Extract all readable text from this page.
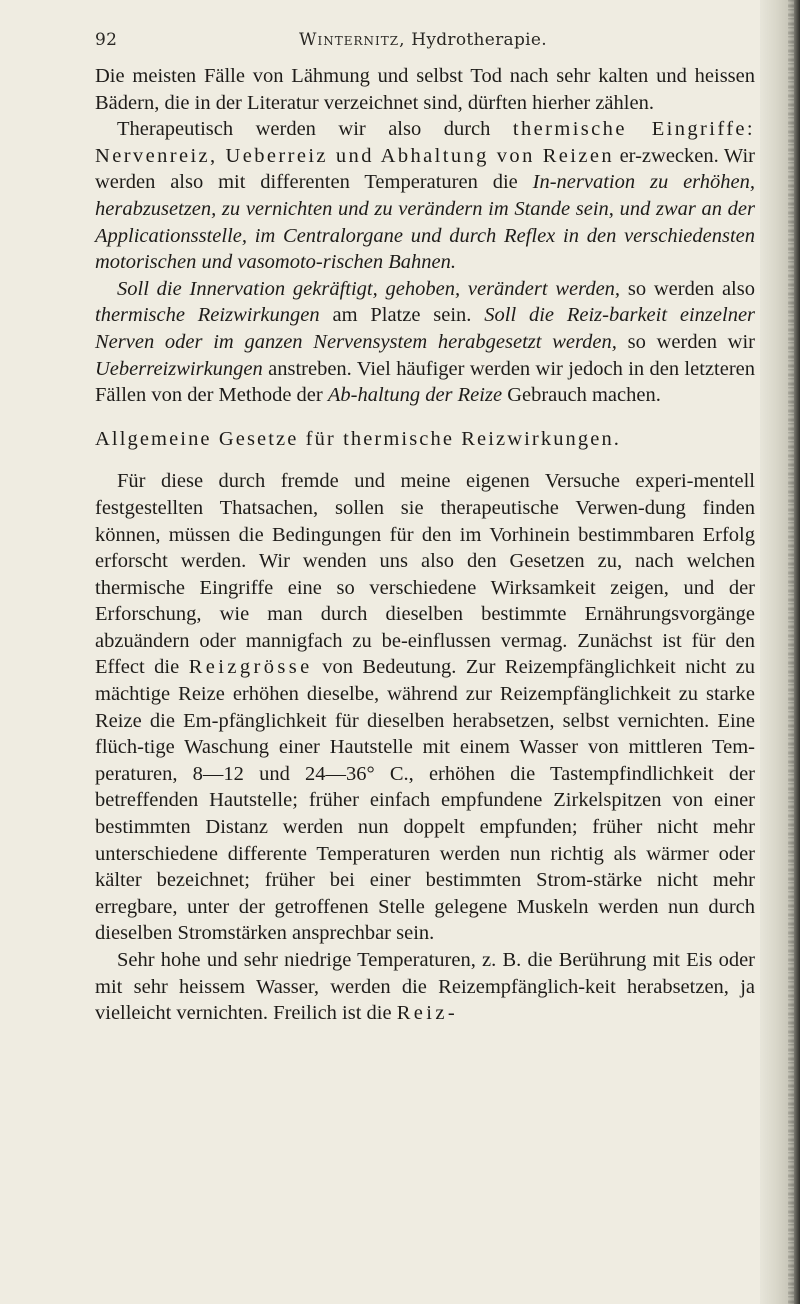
92	Winternitz, Hydrotherapie.

Die meisten Fälle von Lähmung und selbst Tod nach sehr kalten und heissen Bädern, die in der Literatur verzeichnet sind, dürften hierher zählen.

Therapeutisch werden wir also durch thermische Eingriffe: Nervenreiz, Ueberreiz und Abhaltung von Reizen er-zwecken. Wir werden also mit differenten Temperaturen die In-nervation zu erhöhen, herabzusetzen, zu vernichten und zu verändern im Stande sein, und zwar an der Applicationsstelle, im Centralorgane und durch Reflex in den verschiedensten motorischen und vasomoto-rischen Bahnen.

Soll die Innervation gekräftigt, gehoben, verändert werden, so werden also thermische Reizwirkungen am Platze sein. Soll die Reiz-barkeit einzelner Nerven oder im ganzen Nervensystem herabgesetzt werden, so werden wir Ueberreizwirkungen anstreben. Viel häufiger werden wir jedoch in den letzteren Fällen von der Methode der Ab-haltung der Reize Gebrauch machen.

Allgemeine Gesetze für thermische Reizwirkungen.

Für diese durch fremde und meine eigenen Versuche experi-mentell festgestellten Thatsachen, sollen sie therapeutische Verwen-dung finden können, müssen die Bedingungen für den im Vorhinein bestimmbaren Erfolg erforscht werden. Wir wenden uns also den Gesetzen zu, nach welchen thermische Eingriffe eine so verschiedene Wirksamkeit zeigen, und der Erforschung, wie man durch dieselben bestimmte Ernährungsvorgänge abzuändern oder mannigfach zu be-einflussen vermag. Zunächst ist für den Effect die Reizgrösse von Bedeutung. Zur Reizempfänglichkeit nicht zu mächtige Reize erhöhen dieselbe, während zur Reizempfänglichkeit zu starke Reize die Em-pfänglichkeit für dieselben herabsetzen, selbst vernichten. Eine flüch-tige Waschung einer Hautstelle mit einem Wasser von mittleren Tem-peraturen, 8—12 und 24—36° C., erhöhen die Tastempfindlichkeit der betreffenden Hautstelle; früher einfach empfundene Zirkelspitzen von einer bestimmten Distanz werden nun doppelt empfunden; früher nicht mehr unterschiedene differente Temperaturen werden nun richtig als wärmer oder kälter bezeichnet; früher bei einer bestimmten Strom-stärke nicht mehr erregbare, unter der getroffenen Stelle gelegene Muskeln werden nun durch dieselben Stromstärken ansprechbar sein.

Sehr hohe und sehr niedrige Temperaturen, z. B. die Berührung mit Eis oder mit sehr heissem Wasser, werden die Reizempfänglich-keit herabsetzen, ja vielleicht vernichten. Freilich ist die Reiz-
